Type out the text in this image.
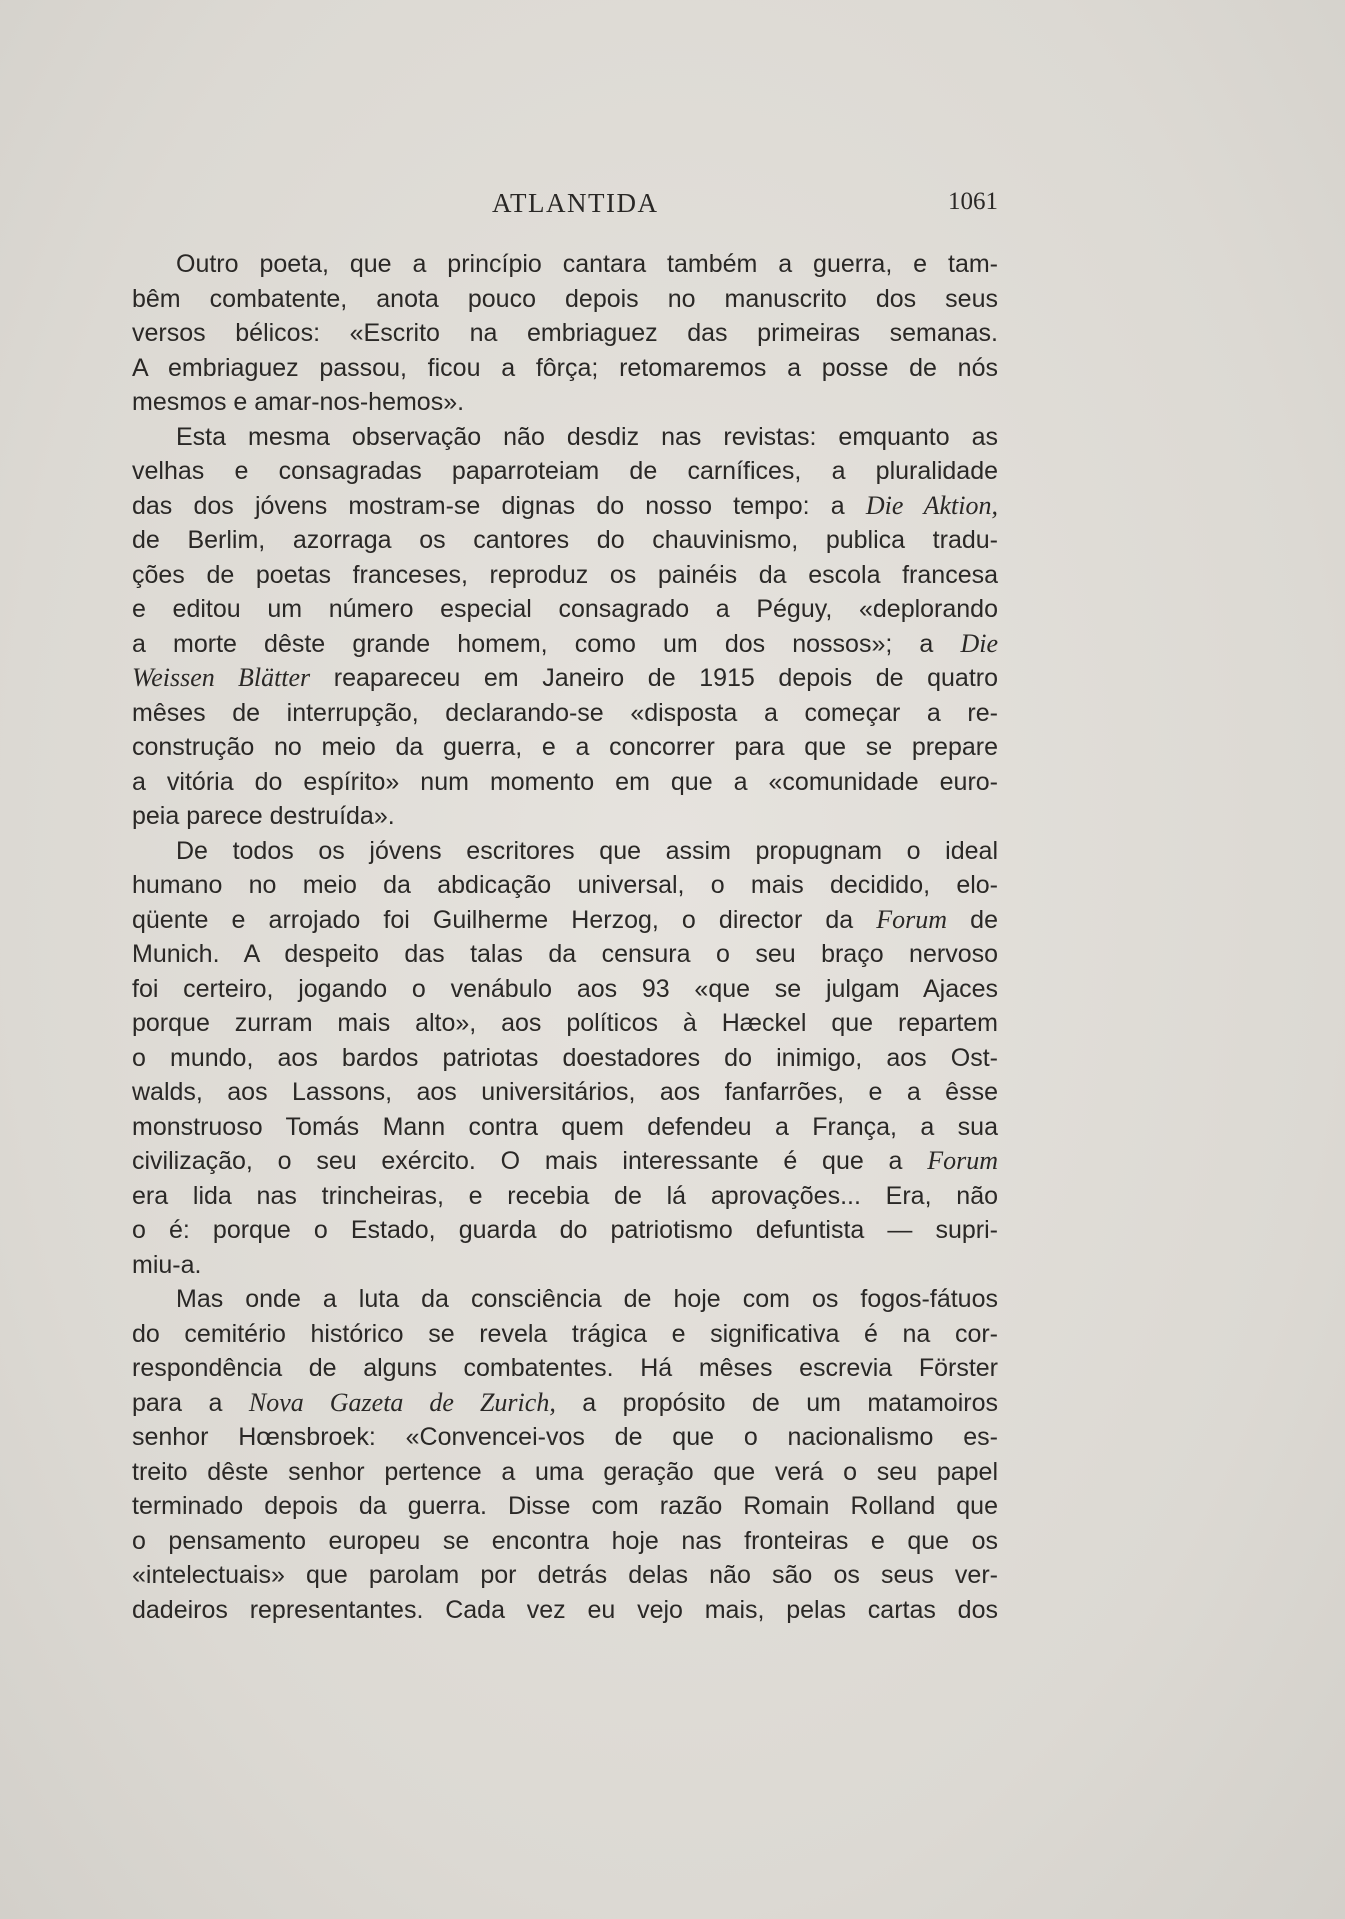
ATLANTIDA	1061
Outro poeta, que a princípio cantara também a guerra, e tam-
bêm combatente, anota pouco depois no manuscrito dos seus
versos bélicos: «Escrito na embriaguez das primeiras semanas.
A embriaguez passou, ficou a fôrça; retomaremos a posse de nós
mesmos e amar-nos-hemos».
Esta mesma observação não desdiz nas revistas: emquanto as
velhas e consagradas paparroteiam de carnífices, a pluralidade
das dos jóvens mostram-se dignas do nosso tempo: a Die Aktion,
de Berlim, azorraga os cantores do chauvinismo, publica tradu-
ções de poetas franceses, reproduz os painéis da escola francesa
e editou um número especial consagrado a Péguy, «deplorando
a morte dêste grande homem, como um dos nossos»; a Die
Weissen Blätter reapareceu em Janeiro de 1915 depois de quatro
mêses de interrupção, declarando-se «disposta a começar a re-
construção no meio da guerra, e a concorrer para que se prepare
a vitória do espírito» num momento em que a «comunidade euro-
peia parece destruída».
De todos os jóvens escritores que assim propugnam o ideal
humano no meio da abdicação universal, o mais decidido, elo-
qüente e arrojado foi Guilherme Herzog, o director da Forum de
Munich. A despeito das talas da censura o seu braço nervoso
foi certeiro, jogando o venábulo aos 93 «que se julgam Ajaces
porque zurram mais alto», aos políticos à Hæckel que repartem
o mundo, aos bardos patriotas doestadores do inimigo, aos Ost-
walds, aos Lassons, aos universitários, aos fanfarrões, e a êsse
monstruoso Tomás Mann contra quem defendeu a França, a sua
civilização, o seu exército. O mais interessante é que a Forum
era lida nas trincheiras, e recebia de lá aprovações... Era, não
o é: porque o Estado, guarda do patriotismo defuntista — supri-
miu-a.
Mas onde a luta da consciência de hoje com os fogos-fátuos
do cemitério histórico se revela trágica e significativa é na cor-
respondência de alguns combatentes. Há mêses escrevia Förster
para a Nova Gazeta de Zurich, a propósito de um matamoiros
senhor Hœnsbroek: «Convencei-vos de que o nacionalismo es-
treito dêste senhor pertence a uma geração que verá o seu papel
terminado depois da guerra. Disse com razão Romain Rolland que
o pensamento europeu se encontra hoje nas fronteiras e que os
«intelectuais» que parolam por detrás delas não são os seus ver-
dadeiros representantes. Cada vez eu vejo mais, pelas cartas dos
